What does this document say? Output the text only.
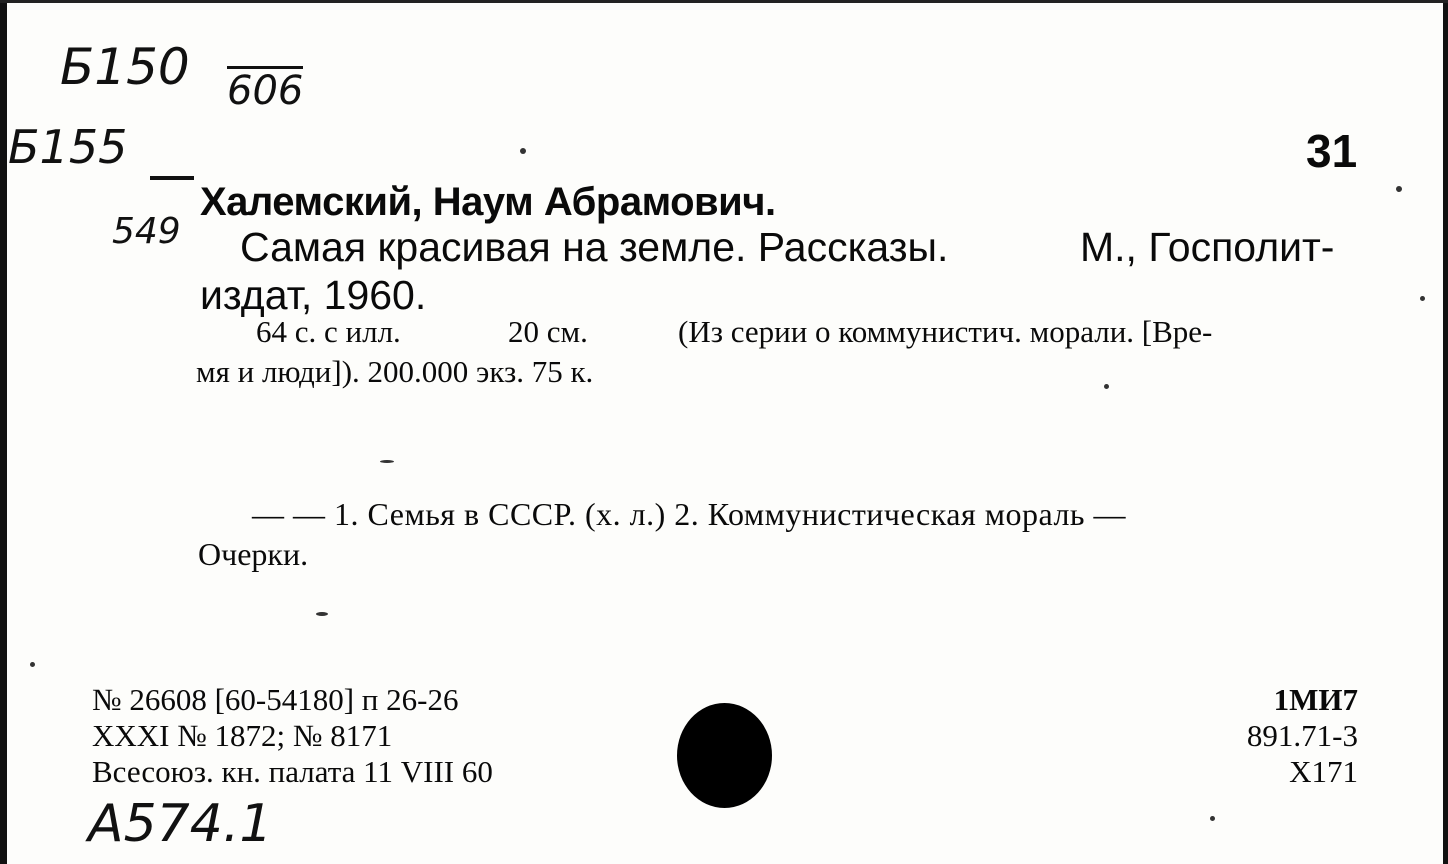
Б150 606
Б155
549
А574.1
31
Халемский, Наум Абрамович.
Самая красивая на земле. Рассказы.	М., Госполит-
издат, 1960.
64 с. с илл.	20 см.	(Из серии о коммунистич. морали. [Вре-
мя и люди]). 200.000 экз. 75 к.
— — 1. Семья в СССР. (х. л.) 2. Коммунистическая мораль —
Очерки.
№ 26608 [60-54180] п 26-26
XXXI № 1872; № 8171
Всесоюз. кн. палата 11 VIII 60
1МИ7
891.71-3
Х171
